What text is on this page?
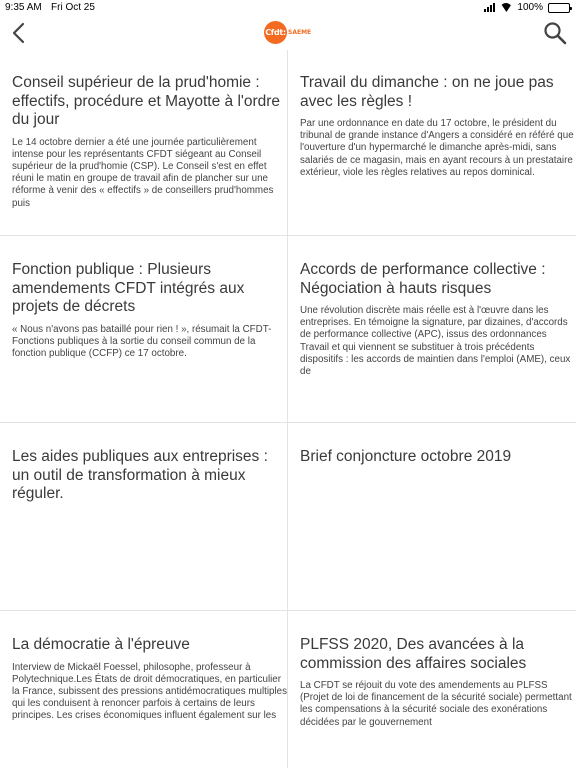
9:35 AM Fri Oct 25	100%
Cfdt: SAEME
Conseil supérieur de la prud'homie : effectifs, procédure et Mayotte à l'ordre du jour

Le 14 octobre dernier a été une journée particulièrement intense pour les représentants CFDT siégeant au Conseil supérieur de la prud'homie (CSP). Le Conseil s'est en effet réuni le matin en groupe de travail afin de plancher sur une réforme à venir des « effectifs » de conseillers prud'hommes puis

Travail du dimanche : on ne joue pas avec les règles !

Par une ordonnance en date du 17 octobre, le président du tribunal de grande instance d'Angers a considéré en référé que l'ouverture d'un hypermarché le dimanche après-midi, sans salariés de ce magasin, mais en ayant recours à un prestataire extérieur, viole les règles relatives au repos dominical.

Fonction publique : Plusieurs amendements CFDT intégrés aux projets de décrets

« Nous n'avons pas bataillé pour rien ! », résumait la CFDT-Fonctions publiques à la sortie du conseil commun de la fonction publique (CCFP) ce 17 octobre.

Accords de performance collective : Négociation à hauts risques

Une révolution discrète mais réelle est à l'œuvre dans les entreprises. En témoigne la signature, par dizaines, d'accords de performance collective (APC), issus des ordonnances Travail et qui viennent se substituer à trois précédents dispositifs : les accords de maintien dans l'emploi (AME), ceux de

Les aides publiques aux entreprises : un outil de transformation à mieux réguler.

Brief conjoncture octobre 2019

La démocratie à l'épreuve

Interview de Mickaël Foessel, philosophe, professeur à Polytechnique.Les États de droit démocratiques, en particulier la France, subissent des pressions antidémocratiques multiples qui les conduisent à renoncer parfois à certains de leurs principes. Les crises économiques influent également sur les

PLFSS 2020, Des avancées à la commission des affaires sociales

La CFDT se réjouit du vote des amendements au PLFSS (Projet de loi de financement de la sécurité sociale) permettant les compensations à la sécurité sociale des exonérations décidées par le gouvernement
